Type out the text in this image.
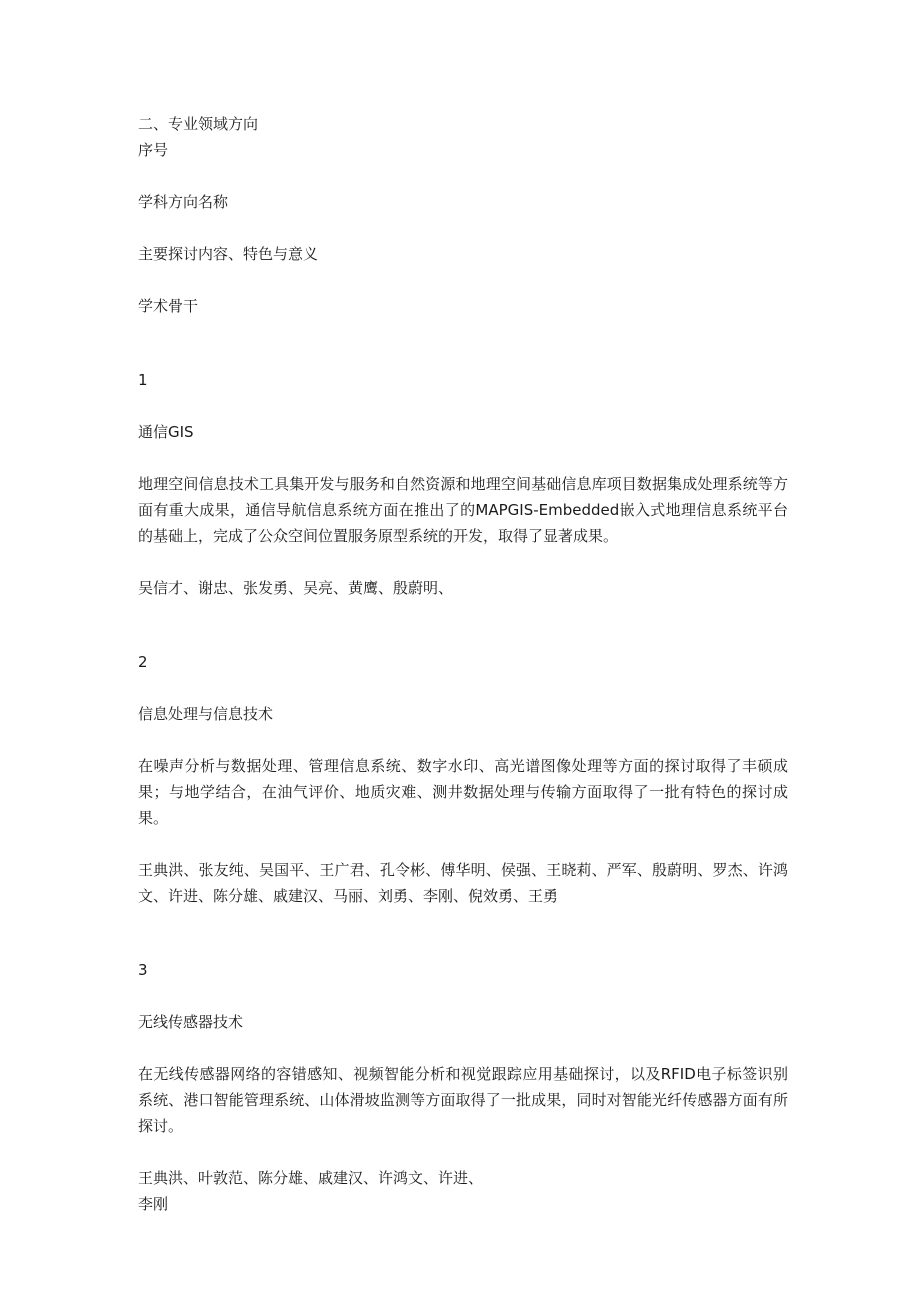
二、专业领域方向

序号

学科方向名称

主要探讨内容、特色与意义

学术骨干

1

通信GIS

地理空间信息技术工具集开发与服务和自然资源和地理空间基础信息库项目数据集成处理系统等方面有重大成果，通信导航信息系统方面在推出了的MAPGIS-Embedded嵌入式地理信息系统平台的基础上，完成了公众空间位置服务原型系统的开发，取得了显著成果。

吴信才、谢忠、张发勇、吴亮、黄鹰、殷蔚明、

2

信息处理与信息技术

在噪声分析与数据处理、管理信息系统、数字水印、高光谱图像处理等方面的探讨取得了丰硕成果；与地学结合，在油气评价、地质灾难、测井数据处理与传输方面取得了一批有特色的探讨成果。

王典洪、张友纯、吴国平、王广君、孔令彬、傅华明、侯强、王晓莉、严军、殷蔚明、罗杰、许鸿文、许进、陈分雄、戚建汉、马丽、刘勇、李刚、倪效勇、王勇

3

无线传感器技术

在无线传感器网络的容错感知、视频智能分析和视觉跟踪应用基础探讨，以及RFID电子标签识别系统、港口智能管理系统、山体滑坡监测等方面取得了一批成果，同时对智能光纤传感器方面有所探讨。

王典洪、叶敦范、陈分雄、戚建汉、许鸿文、许进、

李刚
